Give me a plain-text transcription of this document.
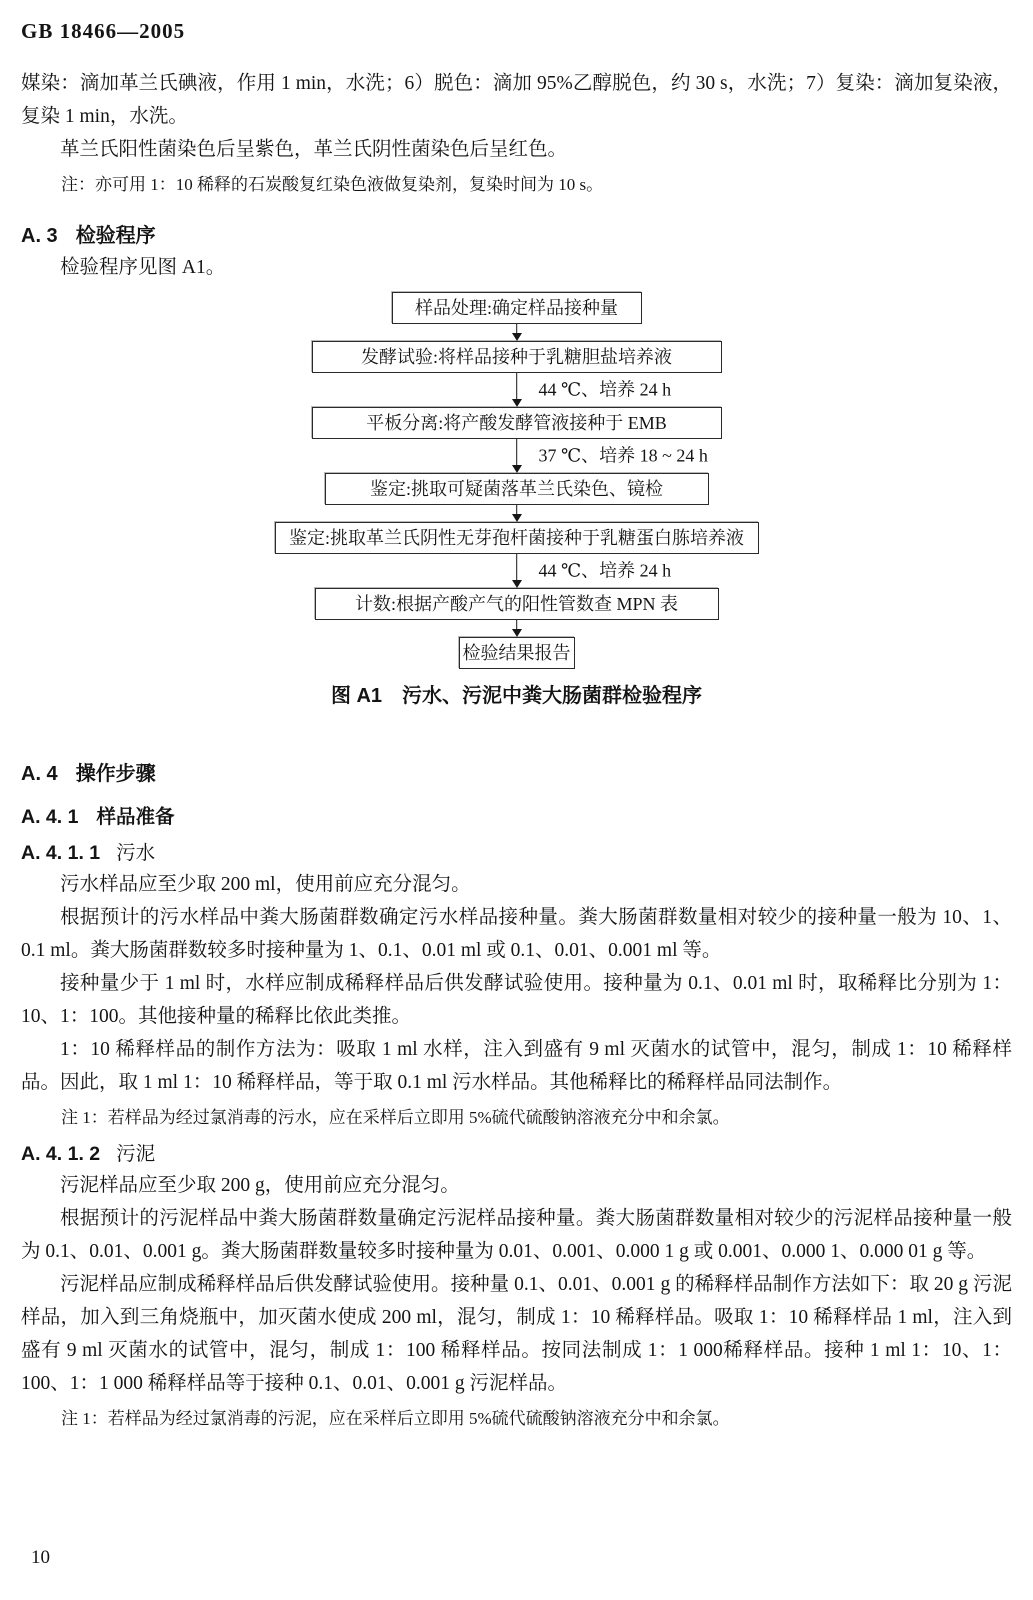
GB 18466—2005

媒染：滴加革兰氏碘液，作用 1 min，水洗；6）脱色：滴加 95%乙醇脱色，约 30 s，水洗；7）复染：滴加复染液，复染 1 min，水洗。

革兰氏阳性菌染色后呈紫色，革兰氏阴性菌染色后呈红色。

注：亦可用 1：10 稀释的石炭酸复红染色液做复染剂，复染时间为 10 s。

A. 3 检验程序

检验程序见图 A1。

样品处理:确定样品接种量
发酵试验:将样品接种于乳糖胆盐培养液
44 ℃、培养 24 h
平板分离:将产酸发酵管液接种于 EMB
37 ℃、培养 18 ~ 24 h
鉴定:挑取可疑菌落革兰氏染色、镜检
鉴定:挑取革兰氏阴性无芽孢杆菌接种于乳糖蛋白胨培养液
44 ℃、培养 24 h
计数:根据产酸产气的阳性管数查 MPN 表
检验结果报告
图 A1　污水、污泥中粪大肠菌群检验程序
A. 4 操作步骤
A. 4. 1 样品准备
A. 4. 1. 1 污水

污水样品应至少取 200 ml，使用前应充分混匀。

根据预计的污水样品中粪大肠菌群数确定污水样品接种量。粪大肠菌群数量相对较少的接种量一般为 10、1、0.1 ml。粪大肠菌群数较多时接种量为 1、0.1、0.01 ml 或 0.1、0.01、0.001 ml 等。

接种量少于 1 ml 时，水样应制成稀释样品后供发酵试验使用。接种量为 0.1、0.01 ml 时，取稀释比分别为 1：10、1：100。其他接种量的稀释比依此类推。

1：10 稀释样品的制作方法为：吸取 1 ml 水样，注入到盛有 9 ml 灭菌水的试管中，混匀，制成 1：10 稀释样品。因此，取 1 ml 1：10 稀释样品，等于取 0.1 ml 污水样品。其他稀释比的稀释样品同法制作。

注 1：若样品为经过氯消毒的污水，应在采样后立即用 5%硫代硫酸钠溶液充分中和余氯。

A. 4. 1. 2 污泥

污泥样品应至少取 200 g，使用前应充分混匀。

根据预计的污泥样品中粪大肠菌群数量确定污泥样品接种量。粪大肠菌群数量相对较少的污泥样品接种量一般为 0.1、0.01、0.001 g。粪大肠菌群数量较多时接种量为 0.01、0.001、0.000 1 g 或 0.001、0.000 1、0.000 01 g 等。

污泥样品应制成稀释样品后供发酵试验使用。接种量 0.1、0.01、0.001 g 的稀释样品制作方法如下：取 20 g 污泥样品，加入到三角烧瓶中，加灭菌水使成 200 ml，混匀，制成 1：10 稀释样品。吸取 1：10 稀释样品 1 ml，注入到盛有 9 ml 灭菌水的试管中，混匀，制成 1：100 稀释样品。按同法制成 1：1 000稀释样品。接种 1 ml 1：10、1：100、1：1 000 稀释样品等于接种 0.1、0.01、0.001 g 污泥样品。

注 1：若样品为经过氯消毒的污泥，应在采样后立即用 5%硫代硫酸钠溶液充分中和余氯。

10
